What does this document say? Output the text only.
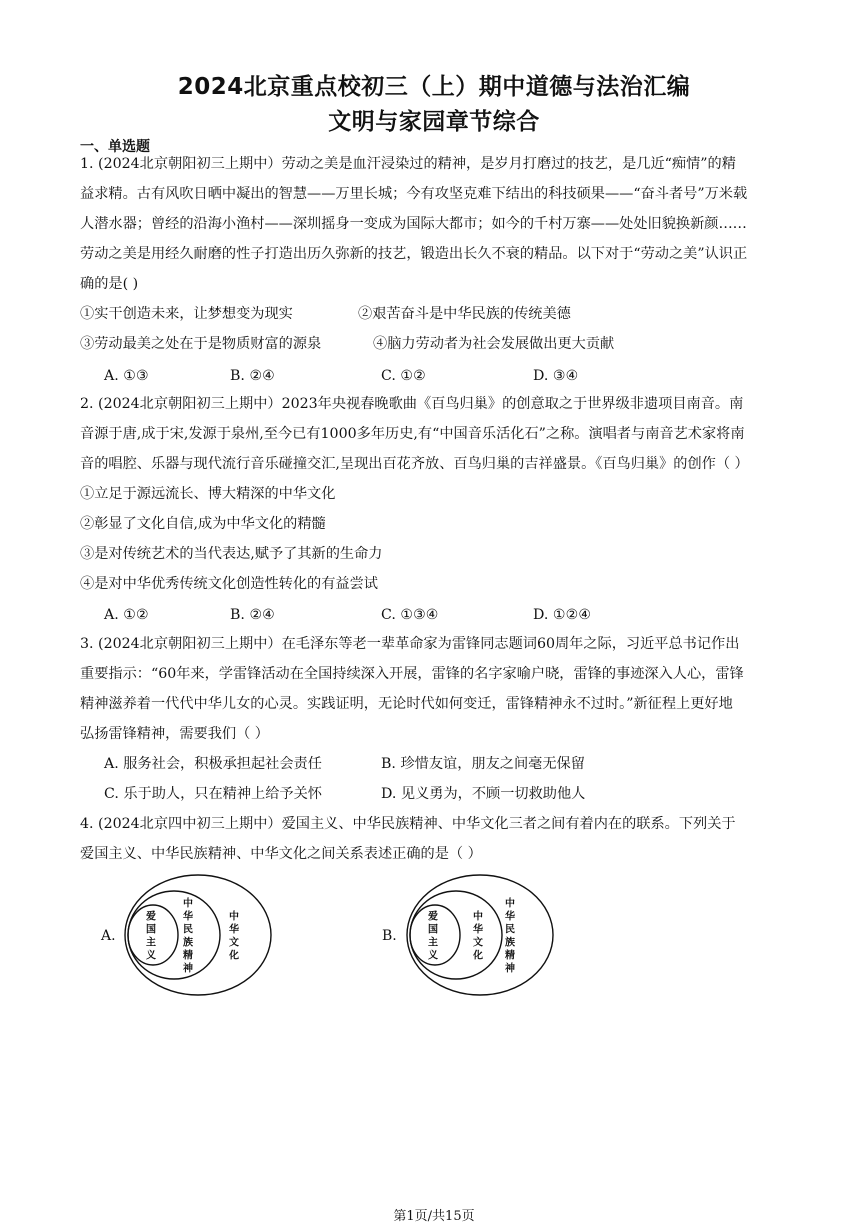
2024北京重点校初三（上）期中道德与法治汇编
文明与家园章节综合
一、单选题
1. (2024北京朝阳初三上期中）劳动之美是血汗浸染过的精神，是岁月打磨过的技艺，是几近“痴情”的精
益求精。古有风吹日晒中凝出的智慧——万里长城；今有攻坚克难下结出的科技硕果——“奋斗者号”万米载
人潜水器；曾经的沿海小渔村——深圳摇身一变成为国际大都市；如今的千村万寨——处处旧貌换新颜……
劳动之美是用经久耐磨的性子打造出历久弥新的技艺，锻造出长久不衰的精品。以下对于“劳动之美”认识正
确的是( )
①实干创造未来，让梦想变为现实	②艰苦奋斗是中华民族的传统美德
③劳动最美之处在于是物质财富的源泉	④脑力劳动者为社会发展做出更大贡献
A. ①③	B. ②④	C. ①②	D. ③④
2. (2024北京朝阳初三上期中）2023年央视春晚歌曲《百鸟归巢》的创意取之于世界级非遗项目南音。南
音源于唐,成于宋,发源于泉州,至今已有1000多年历史,有“中国音乐活化石”之称。演唱者与南音艺术家将南
音的唱腔、乐器与现代流行音乐碰撞交汇,呈现出百花齐放、百鸟归巢的吉祥盛景。《百鸟归巢》的创作（ ）
①立足于源远流长、博大精深的中华文化
②彰显了文化自信,成为中华文化的精髓
③是对传统艺术的当代表达,赋予了其新的生命力
④是对中华优秀传统文化创造性转化的有益尝试
A. ①②	B. ②④	C. ①③④	D. ①②④
3. (2024北京朝阳初三上期中）在毛泽东等老一辈革命家为雷锋同志题词60周年之际，习近平总书记作出
重要指示：“60年来，学雷锋活动在全国持续深入开展，雷锋的名字家喻户晓，雷锋的事迹深入人心，雷锋
精神滋养着一代代中华儿女的心灵。实践证明，无论时代如何变迁，雷锋精神永不过时。”新征程上更好地
弘扬雷锋精神，需要我们（ ）
A. 服务社会，积极承担起社会责任	B. 珍惜友谊，朋友之间毫无保留
C. 乐于助人，只在精神上给予关怀	D. 见义勇为，不顾一切救助他人
4. (2024北京四中初三上期中）爱国主义、中华民族精神、中华文化三者之间有着内在的联系。下列关于
爱国主义、中华民族精神、中华文化之间关系表述正确的是（ ）
A.
爱
国
主
义
中
华
民
族
精
神
中
华
文
化
B.
爱
国
主
义
中
华
文
化
中
华
民
族
精
神
第1页/共15页
